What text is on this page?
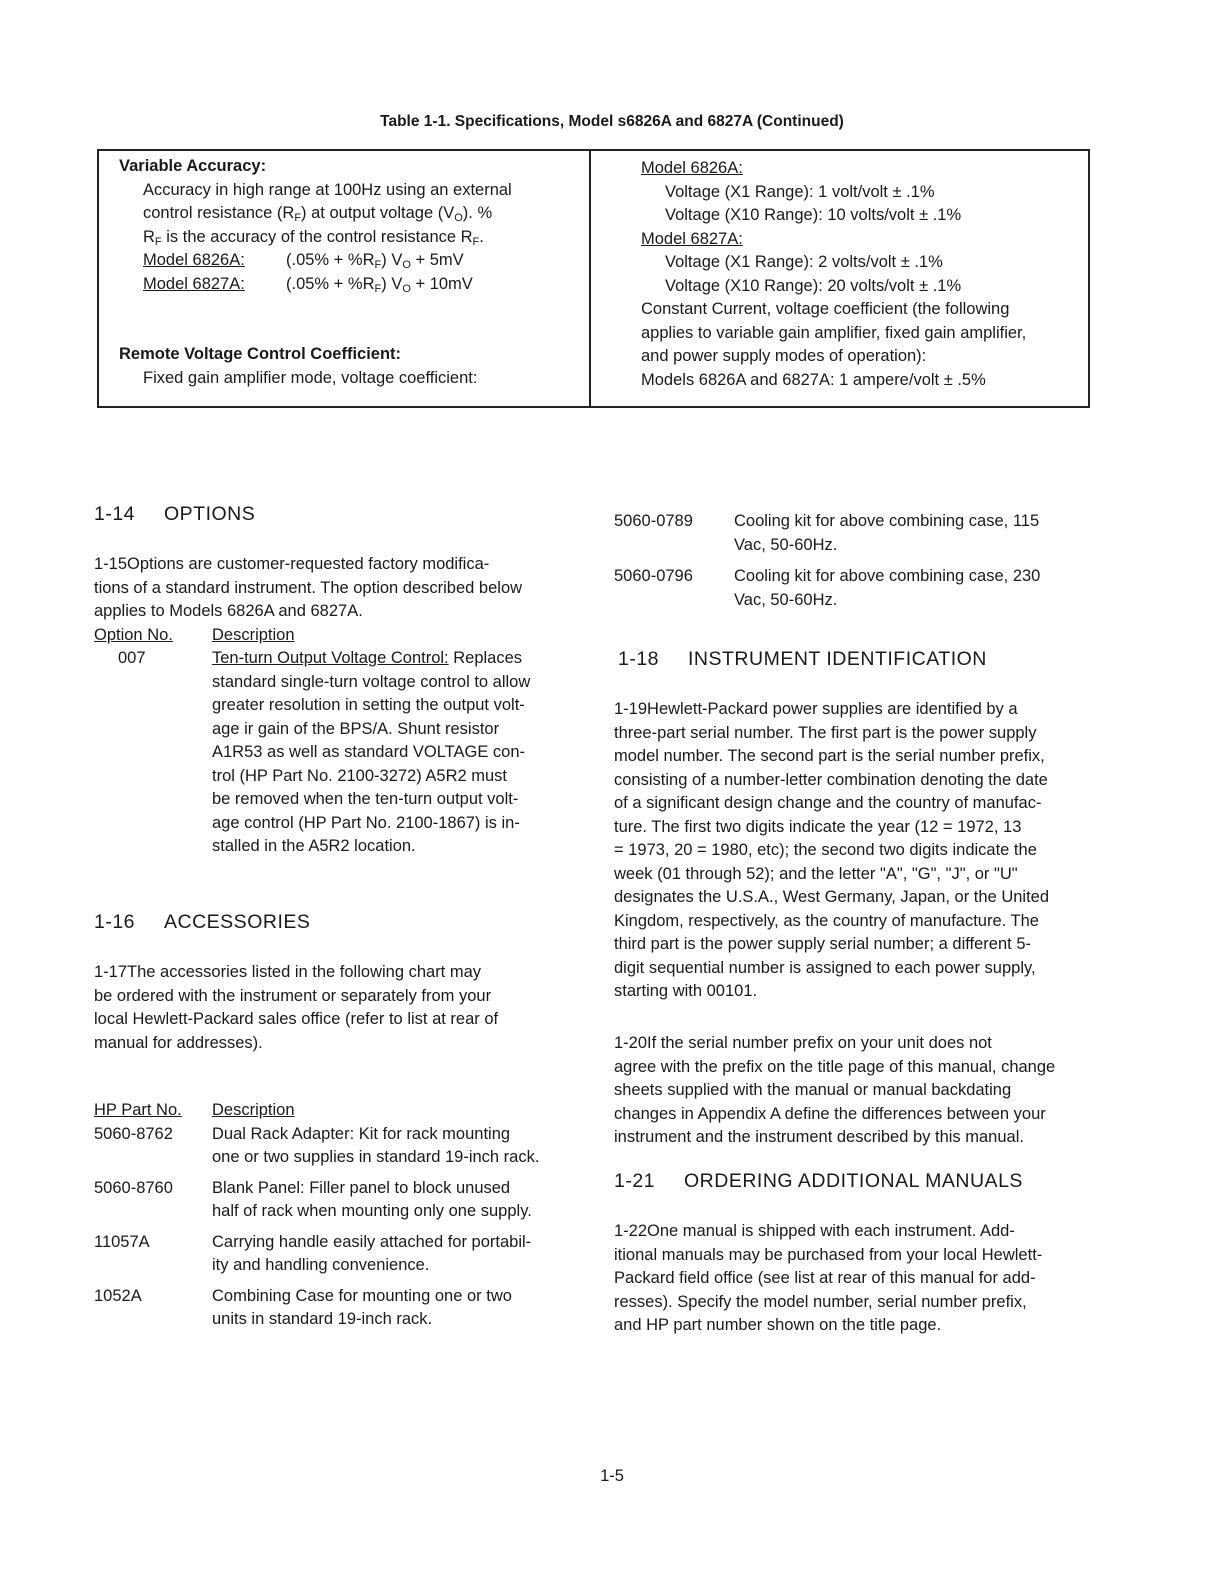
Table 1-1. Specifications, Model s6826A and 6827A (Continued)
Variable Accuracy:
Accuracy in high range at 100Hz using an external
control resistance $(R_F)$ at output voltage $(V_O)$. %
$R_F$ is the accuracy of the control resistance $R_F$.
Model 6826A:	$(.05\% + \%R_F)$ $V_O + 5mV$
Model 6827A:	$(.05\% + \%R_F)$ $V_O + 10mV$
Remote Voltage Control Coefficient:
Fixed gain amplifier mode, voltage coefficient:
Model 6826A:
Voltage (X1 Range): 1 volt/volt ± .1%
Voltage (X10 Range): 10 volts/volt ± .1%
Model 6827A:
Voltage (X1 Range): 2 volts/volt ± .1%
Voltage (X10 Range): 20 volts/volt ± .1%
Constant Current, voltage coefficient (the following
applies to variable gain amplifier, fixed gain amplifier,
and power supply modes of operation):
Models 6826A and 6827A: 1 ampere/volt ± .5%
1-14 OPTIONS
1-15Options are customer-requested factory modifica-
tions of a standard instrument. The option described below
applies to Models 6826A and 6827A.
Option No.	Description
007	Ten-turn Output Voltage Control: Replaces
standard single-turn voltage control to allow
greater resolution in setting the output volt-
age ir gain of the BPS/A. Shunt resistor
A1R53 as well as standard VOLTAGE con-
trol (HP Part No. 2100-3272) A5R2 must
be removed when the ten-turn output volt-
age control (HP Part No. 2100-1867) is in-
stalled in the A5R2 location.
1-16 ACCESSORIES
1-17The accessories listed in the following chart may
be ordered with the instrument or separately from your
local Hewlett-Packard sales office (refer to list at rear of
manual for addresses).
HP Part No.	Description
5060-8762	Dual Rack Adapter: Kit for rack mounting
one or two supplies in standard 19-inch rack.
5060-8760	Blank Panel: Filler panel to block unused
half of rack when mounting only one supply.
11057A	Carrying handle easily attached for portabil-
ity and handling convenience.
1052A	Combining Case for mounting one or two
units in standard 19-inch rack.
5060-0789	Cooling kit for above combining case, 115
Vac, 50-60Hz.
5060-0796	Cooling kit for above combining case, 230
Vac, 50-60Hz.
1-18 INSTRUMENT IDENTIFICATION
1-19Hewlett-Packard power supplies are identified by a
three-part serial number. The first part is the power supply
model number. The second part is the serial number prefix,
consisting of a number-letter combination denoting the date
of a significant design change and the country of manufac-
ture. The first two digits indicate the year (12 = 1972, 13
= 1973, 20 = 1980, etc); the second two digits indicate the
week (01 through 52); and the letter "A", "G", "J", or "U"
designates the U.S.A., West Germany, Japan, or the United
Kingdom, respectively, as the country of manufacture. The
third part is the power supply serial number; a different 5-
digit sequential number is assigned to each power supply,
starting with 00101.
1-20If the serial number prefix on your unit does not
agree with the prefix on the title page of this manual, change
sheets supplied with the manual or manual backdating
changes in Appendix A define the differences between your
instrument and the instrument described by this manual.
1-21 ORDERING ADDITIONAL MANUALS
1-22One manual is shipped with each instrument. Add-
itional manuals may be purchased from your local Hewlett-
Packard field office (see list at rear of this manual for add-
resses). Specify the model number, serial number prefix,
and HP part number shown on the title page.
1-5
